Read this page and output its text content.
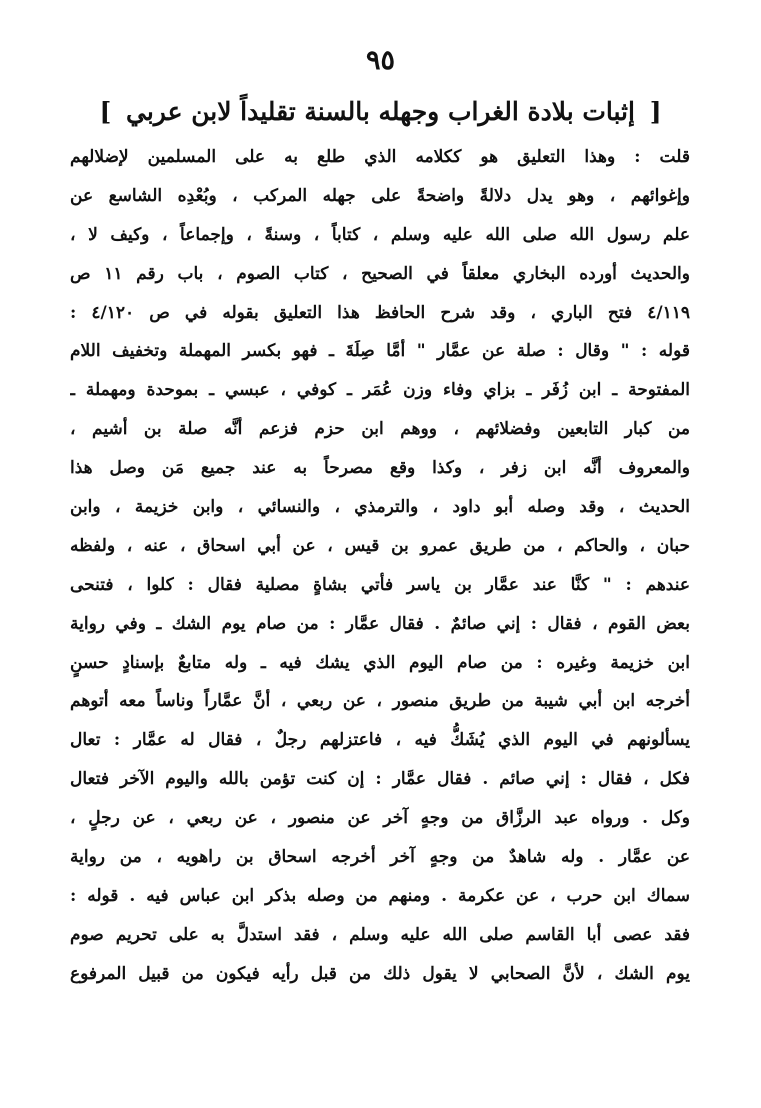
٩٥
[ إثبات بلادة الغراب وجهله بالسنة تقليداً لابن عربي ]
قلت : وهذا التعليق هو ككلامه الذي طلع به على المسلمين لإضلالهم
وإغوائهم ، وهو يدل دلالةً واضحةً على جهله المركب ، وبُعْدِه الشاسع عن
علم رسول الله صلى الله عليه وسلم ، كتاباً ، وسنةً ، وإجماعاً ، وكيف لا ،
والحديث أورده البخاري معلقاً في الصحيح ، كتاب الصوم ، باب رقم ١١ ص
٤/١١٩ فتح الباري ، وقد شرح الحافظ هذا التعليق بقوله في ص ٤/١٢٠ :
قوله : " وقال : صلة عن عمَّار " أمَّا صِلَةَ ـ فهو بكسر المهملة وتخفيف اللام
المفتوحة ـ ابن زُفَر ـ بزاي وفاء وزن عُمَر ـ كوفي ، عبسي ـ بموحدة ومهملة ـ
من كبار التابعين وفضلائهم ، ووهم ابن حزم فزعم أنَّه صلة بن أشيم ،
والمعروف أنَّه ابن زفر ، وكذا وقع مصرحاً به عند جميع مَن وصل هذا
الحديث ، وقد وصله أبو داود ، والترمذي ، والنسائي ، وابن خزيمة ، وابن
حبان ، والحاكم ، من طريق عمرو بن قيس ، عن أبي اسحاق ، عنه ، ولفظه
عندهم : " كنَّا عند عمَّار بن ياسر فأتي بشاةٍ مصلية فقال : كلوا ، فتنحى
بعض القوم ، فقال : إني صائمٌ . فقال عمَّار : من صام يوم الشك ـ وفي رواية
ابن خزيمة وغيره : من صام اليوم الذي يشك فيه ـ وله متابعٌ بإسنادٍ حسنٍ
أخرجه ابن أبي شيبة من طريق منصور ، عن ربعي ، أنَّ عمَّاراً وناساً معه أتوهم
يسألونهم في اليوم الذي يُشَكُّ فيه ، فاعتزلهم رجلٌ ، فقال له عمَّار : تعال
فكل ، فقال : إني صائم . فقال عمَّار : إن كنت تؤمن بالله واليوم الآخر فتعال
وكل . ورواه عبد الرزَّاق من وجهٍ آخر عن منصور ، عن ربعي ، عن رجلٍ ،
عن عمَّار . وله شاهدٌ من وجهٍ آخر أخرجه اسحاق بن راهويه ، من رواية
سماك ابن حرب ، عن عكرمة . ومنهم من وصله بذكر ابن عباس فيه . قوله :
فقد عصى أبا القاسم صلى الله عليه وسلم ، فقد استدلَّ به على تحريم صوم
يوم الشك ، لأنَّ الصحابي لا يقول ذلك من قبل رأيه فيكون من قبيل المرفوع
